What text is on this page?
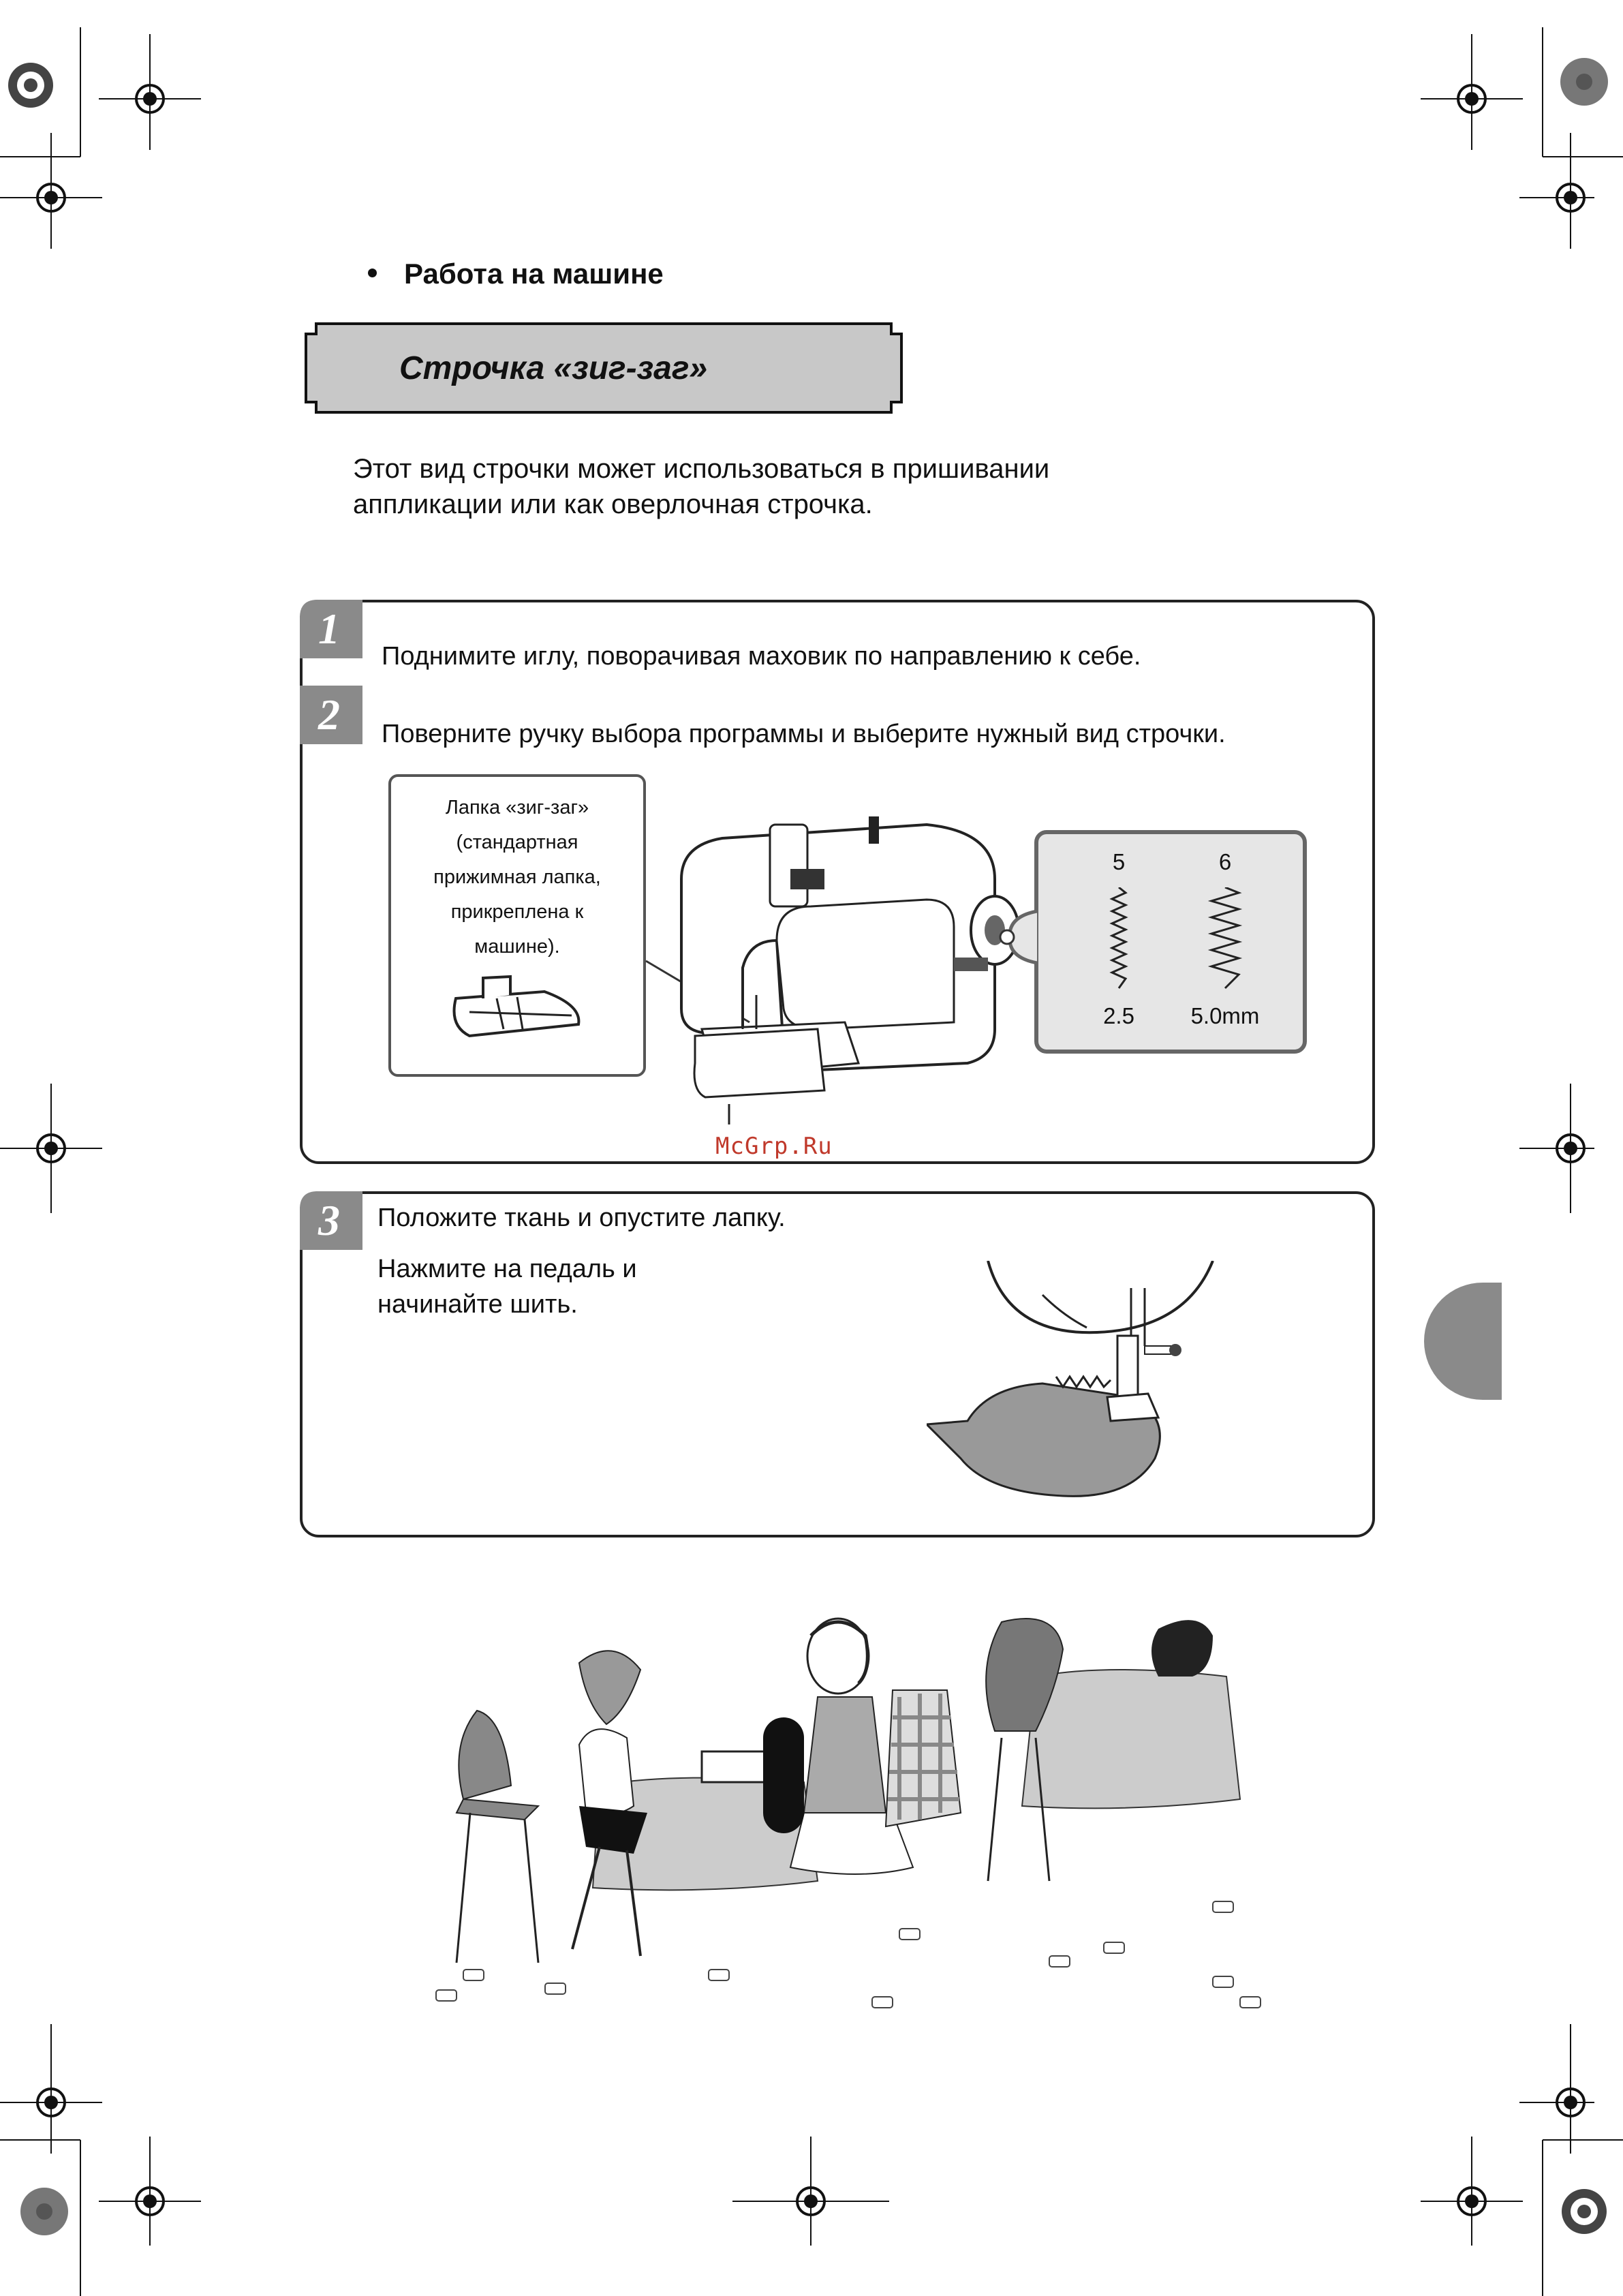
Работа на машине
Строчка «зиг-заг»
Этот вид строчки может использоваться в пришивании
аппликации или как оверлочная строчка.
1
Поднимите иглу, поворачивая маховик по направлению к себе.
2	Поверните ручку выбора программы и выберите нужный вид строчки.
Лапка «зиг-заг»
(стандартная
прижимная лапка,
прикреплена к
машине).
5	6
2.5	5.0mm
McGrp.Ru
3	Положите ткань и опустите лапку.
Нажмите на педаль и
начинайте шить.
